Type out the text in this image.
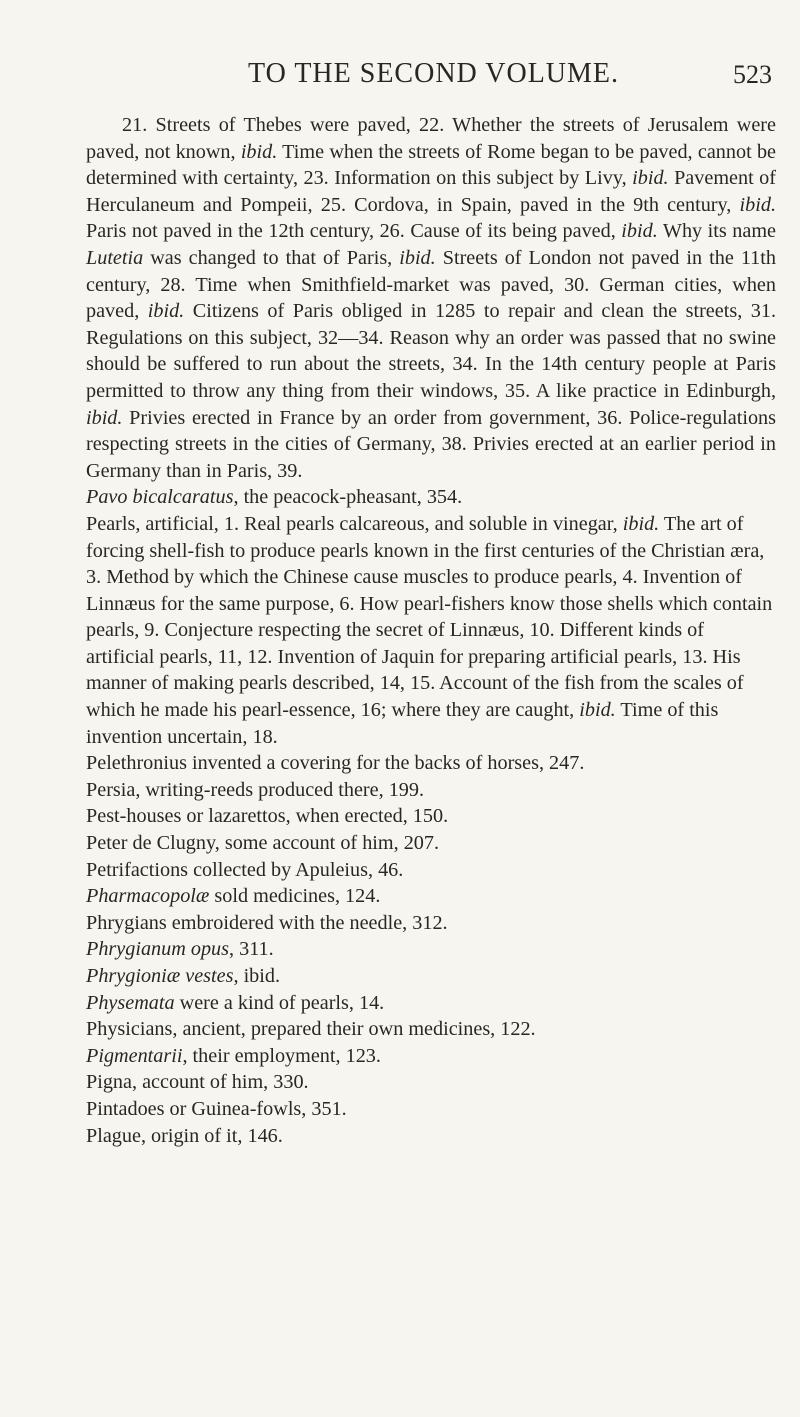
TO THE SECOND VOLUME.	523

21. Streets of Thebes were paved, 22. Whether the streets of Jerusalem were paved, not known, ibid. Time when the streets of Rome began to be paved, cannot be determined with certainty, 23. Information on this subject by Livy, ibid. Pavement of Herculaneum and Pompeii, 25. Cordova, in Spain, paved in the 9th century, ibid. Paris not paved in the 12th century, 26. Cause of its being paved, ibid. Why its name Lutetia was changed to that of Paris, ibid. Streets of London not paved in the 11th century, 28. Time when Smithfield-market was paved, 30. German cities, when paved, ibid. Citizens of Paris obliged in 1285 to repair and clean the streets, 31. Regulations on this subject, 32—34. Reason why an order was passed that no swine should be suffered to run about the streets, 34. In the 14th century people at Paris permitted to throw any thing from their windows, 35. A like practice in Edinburgh, ibid. Privies erected in France by an order from government, 36. Police-regulations respecting streets in the cities of Germany, 38. Privies erected at an earlier period in Germany than in Paris, 39.

Pavo bicalcaratus, the peacock-pheasant, 354.

Pearls, artificial, 1. Real pearls calcareous, and soluble in vinegar, ibid. The art of forcing shell-fish to produce pearls known in the first centuries of the Christian æra, 3. Method by which the Chinese cause muscles to produce pearls, 4. Invention of Linnæus for the same purpose, 6. How pearl-fishers know those shells which contain pearls, 9. Conjecture respecting the secret of Linnæus, 10. Different kinds of artificial pearls, 11, 12. Invention of Jaquin for preparing artificial pearls, 13. His manner of making pearls described, 14, 15. Account of the fish from the scales of which he made his pearl-essence, 16; where they are caught, ibid. Time of this invention uncertain, 18.

Pelethronius invented a covering for the backs of horses, 247.

Persia, writing-reeds produced there, 199.

Pest-houses or lazarettos, when erected, 150.

Peter de Clugny, some account of him, 207.

Petrifactions collected by Apuleius, 46.

Pharmacopolæ sold medicines, 124.

Phrygians embroidered with the needle, 312.

Phrygianum opus, 311.

Phrygioniæ vestes, ibid.

Physemata were a kind of pearls, 14.

Physicians, ancient, prepared their own medicines, 122.

Pigmentarii, their employment, 123.

Pigna, account of him, 330.

Pintadoes or Guinea-fowls, 351.

Plague, origin of it, 146.
